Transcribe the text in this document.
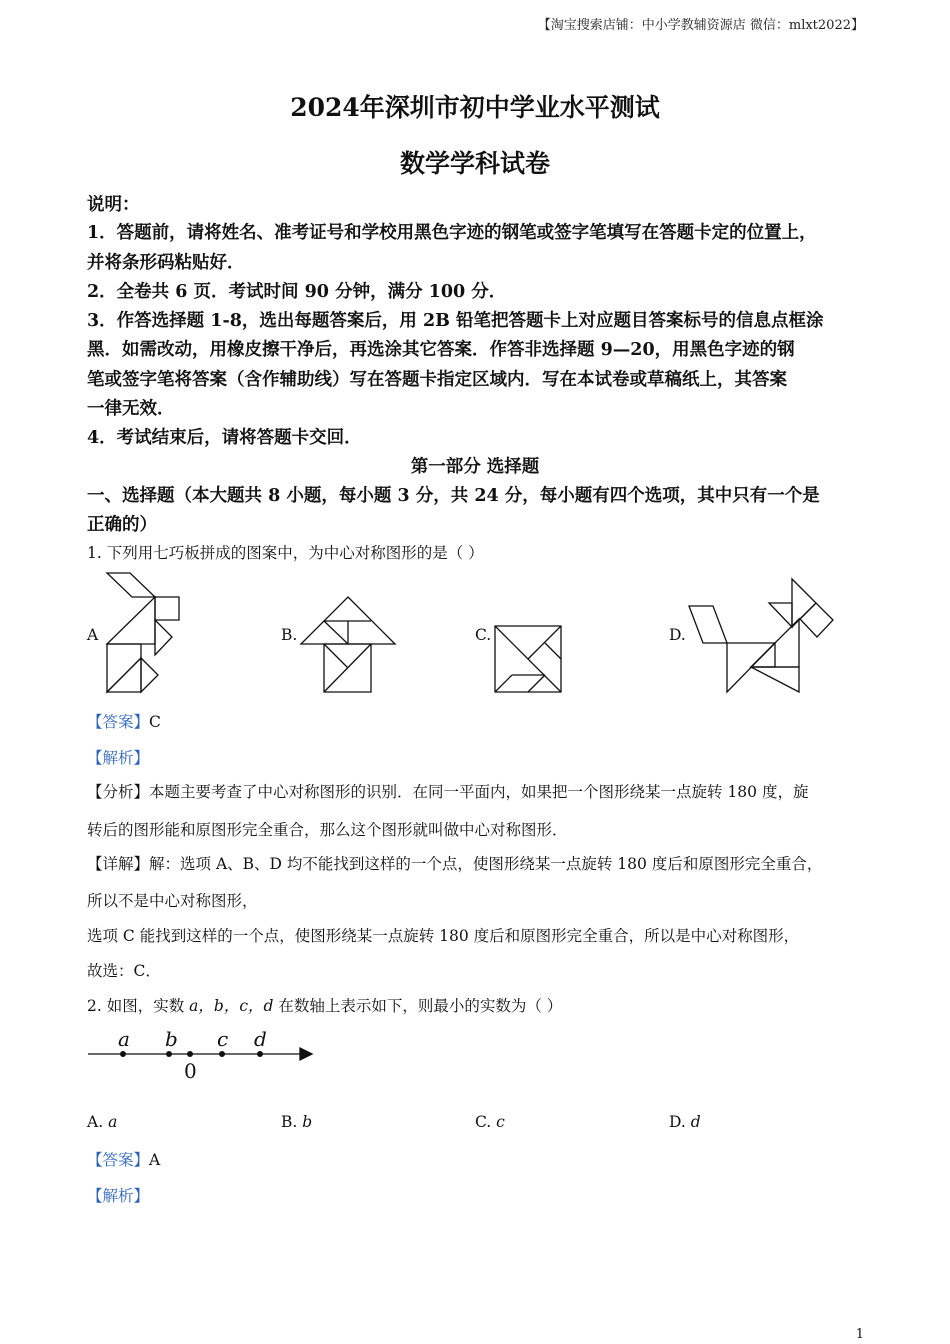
【淘宝搜索店铺：中小学教辅资源店 微信：mlxt2022】
2024年深圳市初中学业水平测试
数学学科试卷
说明：
1．答题前，请将姓名、准考证号和学校用黑色字迹的钢笔或签字笔填写在答题卡定的位置上，
并将条形码粘贴好．
2．全卷共 6 页．考试时间 90 分钟，满分 100 分．
3．作答选择题 1-8，选出每题答案后，用 2B 铅笔把答题卡上对应题目答案标号的信息点框涂
黑．如需改动，用橡皮擦干净后，再选涂其它答案．作答非选择题 9—20，用黑色字迹的钢
笔或签字笔将答案（含作辅助线）写在答题卡指定区域内．写在本试卷或草稿纸上，其答案
一律无效．
4．考试结束后，请将答题卡交回．
第一部分 选择题
一、选择题（本大题共 8 小题，每小题 3 分，共 24 分，每小题有四个选项，其中只有一个是
正确的）
1. 下列用七巧板拼成的图案中，为中心对称图形的是（ ）
A	B.	C.	D.
【答案】C
【解析】
【分析】本题主要考查了中心对称图形的识别．在同一平面内，如果把一个图形绕某一点旋转 180 度，旋
转后的图形能和原图形完全重合，那么这个图形就叫做中心对称图形．
【详解】解：选项 A、B、D 均不能找到这样的一个点，使图形绕某一点旋转 180 度后和原图形完全重合，
所以不是中心对称图形，
选项 C 能找到这样的一个点，使图形绕某一点旋转 180 度后和原图形完全重合，所以是中心对称图形，
故选：C．
2. 如图，实数 a，b，c，d 在数轴上表示如下，则最小的实数为（ ）
a b c d
0
A. a	B. b	C. c	D. d
【答案】A
【解析】
1
